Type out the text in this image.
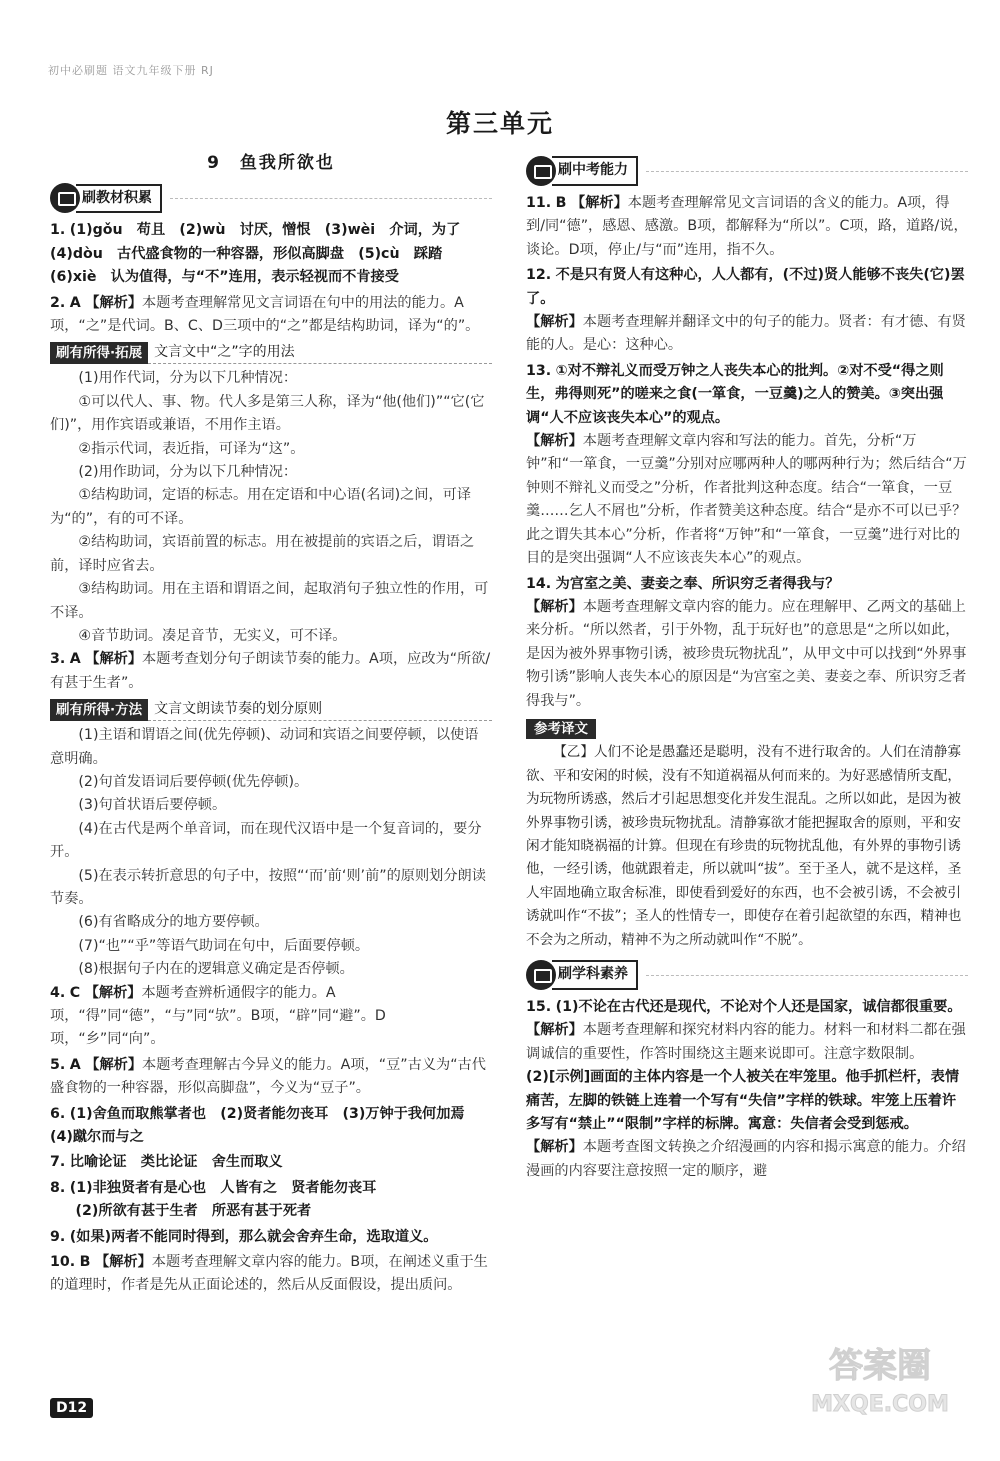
初中必刷题 语文九年级下册 RJ
第三单元
9　鱼我所欲也
刷教材积累
1. (1)gǒu　苟且　(2)wù　讨厌，憎恨　(3)wèi　介词，为了　(4)dòu　古代盛食物的一种容器，形似高脚盘　(5)cù　踩踏　(6)xiè　认为值得，与“不”连用，表示轻视而不肯接受
2. A 【解析】本题考查理解常见文言词语在句中的用法的能力。A项，“之”是代词。B、C、D三项中的“之”都是结构助词，译为“的”。
刷有所得·拓展 文言文中“之”字的用法

(1)用作代词，分为以下几种情况：

①可以代人、事、物。代人多是第三人称，译为“他(他们)”“它(它们)”，用作宾语或兼语，不用作主语。

②指示代词，表近指，可译为“这”。

(2)用作助词，分为以下几种情况：

①结构助词，定语的标志。用在定语和中心语(名词)之间，可译为“的”，有的可不译。

②结构助词，宾语前置的标志。用在被提前的宾语之后，谓语之前，译时应省去。

③结构助词。用在主语和谓语之间，起取消句子独立性的作用，可不译。

④音节助词。凑足音节，无实义，可不译。

3. A 【解析】本题考查划分句子朗读节奏的能力。A项，应改为“所欲/有甚于生者”。
刷有所得·方法 文言文朗读节奏的划分原则

(1)主语和谓语之间(优先停顿)、动词和宾语之间要停顿，以使语意明确。

(2)句首发语词后要停顿(优先停顿)。

(3)句首状语后要停顿。

(4)在古代是两个单音词，而在现代汉语中是一个复音词的，要分开。

(5)在表示转折意思的句子中，按照“‘而’前‘则’前”的原则划分朗读节奏。

(6)有省略成分的地方要停顿。

(7)“也”“乎”等语气助词在句中，后面要停顿。

(8)根据句子内在的逻辑意义确定是否停顿。

4. C 【解析】本题考查辨析通假字的能力。A项，“得”同“德”，“与”同“欤”。B项，“辟”同“避”。D项，“乡”同“向”。
5. A 【解析】本题考查理解古今异义的能力。A项，“豆”古义为“古代盛食物的一种容器，形似高脚盘”，今义为“豆子”。
6. (1)舍鱼而取熊掌者也　(2)贤者能勿丧耳　(3)万钟于我何加焉　(4)蹴尔而与之
7. 比喻论证　类比论证　舍生而取义
8. (1)非独贤者有是心也　人皆有之　贤者能勿丧耳
(2)所欲有甚于生者　所恶有甚于死者
9. (如果)两者不能同时得到，那么就会舍弃生命，选取道义。
10. B 【解析】本题考查理解文章内容的能力。B项，在阐述义重于生的道理时，作者是先从正面论述的，然后从反面假设，提出质问。
刷中考能力
11. B 【解析】本题考查理解常见文言词语的含义的能力。A项，得到/同“德”，感恩、感激。B项，都解释为“所以”。C项，路，道路/说，谈论。D项，停止/与“而”连用，指不久。
12. 不是只有贤人有这种心，人人都有，(不过)贤人能够不丧失(它)罢了。
【解析】本题考查理解并翻译文中的句子的能力。贤者：有才德、有贤能的人。是心：这种心。
13. ①对不辩礼义而受万钟之人丧失本心的批判。②对不受“得之则生，弗得则死”的嗟来之食(一箪食，一豆羹)之人的赞美。③突出强调“人不应该丧失本心”的观点。
【解析】本题考查理解文章内容和写法的能力。首先，分析“万钟”和“一箪食，一豆羹”分别对应哪两种人的哪两种行为；然后结合“万钟则不辩礼义而受之”分析，作者批判这种态度。结合“一箪食，一豆羹……乞人不屑也”分析，作者赞美这种态度。结合“是亦不可以已乎？此之谓失其本心”分析，作者将“万钟”和“一箪食，一豆羹”进行对比的目的是突出强调“人不应该丧失本心”的观点。
14. 为宫室之美、妻妾之奉、所识穷乏者得我与？
【解析】本题考查理解文章内容的能力。应在理解甲、乙两文的基础上来分析。“所以然者，引于外物，乱于玩好也”的意思是“之所以如此，是因为被外界事物引诱，被珍贵玩物扰乱”，从甲文中可以找到“外界事物引诱”影响人丧失本心的原因是“为宫室之美、妻妾之奉、所识穷乏者得我与”。
参考译文

【乙】人们不论是愚蠢还是聪明，没有不进行取舍的。人们在清静寡欲、平和安闲的时候，没有不知道祸福从何而来的。为好恶感情所支配，为玩物所诱惑，然后才引起思想变化并发生混乱。之所以如此，是因为被外界事物引诱，被珍贵玩物扰乱。清静寡欲才能把握取舍的原则，平和安闲才能知晓祸福的计算。但现在有珍贵的玩物扰乱他，有外界的事物引诱他，一经引诱，他就跟着走，所以就叫“拔”。至于圣人，就不是这样，圣人牢固地确立取舍标准，即使看到爱好的东西，也不会被引诱，不会被引诱就叫作“不拔”；圣人的性情专一，即使存在着引起欲望的东西，精神也不会为之所动，精神不为之所动就叫作“不脱”。

刷学科素养
15. (1)不论在古代还是现代，不论对个人还是国家，诚信都很重要。
【解析】本题考查理解和探究材料内容的能力。材料一和材料二都在强调诚信的重要性，作答时围绕这主题来说即可。注意字数限制。
(2)[示例]画面的主体内容是一个人被关在牢笼里。他手抓栏杆，表情痛苦，左脚的铁链上连着一个写有“失信”字样的铁球。牢笼上压着许多写有“禁止”“限制”字样的标牌。寓意：失信者会受到惩戒。
【解析】本题考查图文转换之介绍漫画的内容和揭示寓意的能力。介绍漫画的内容要注意按照一定的顺序，避
D12
答案圈 MXQE.COM
